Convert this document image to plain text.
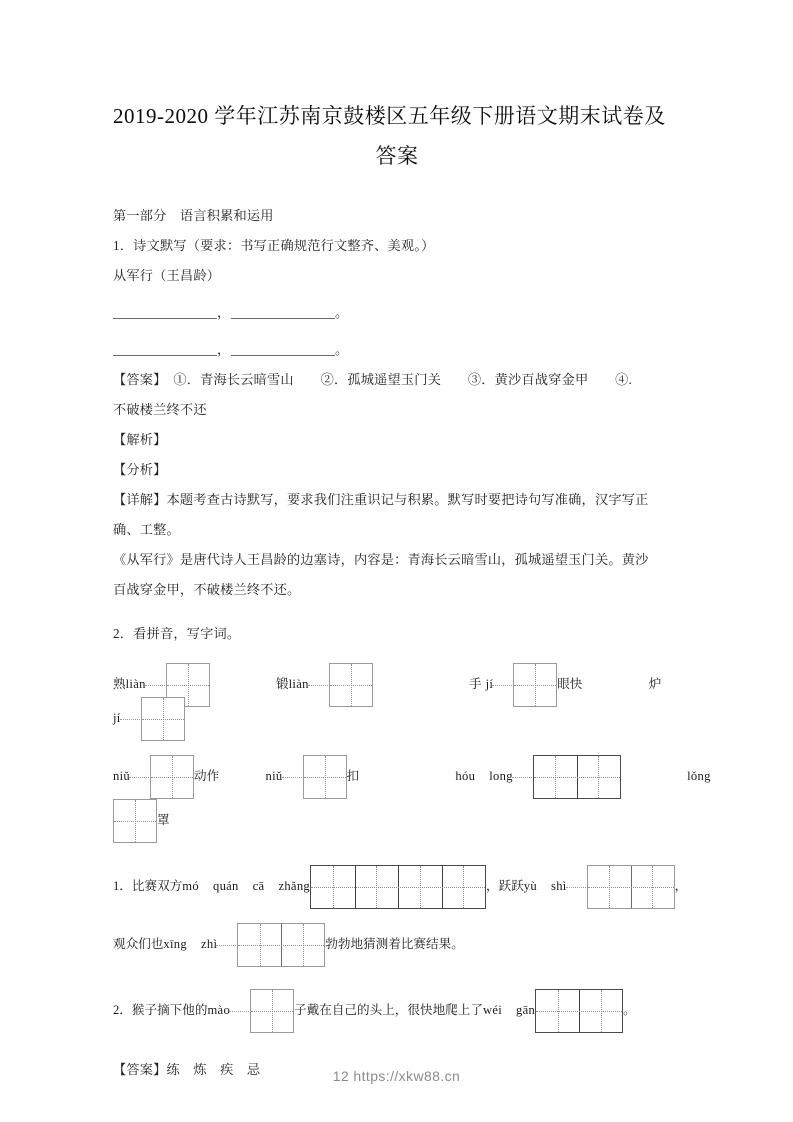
2019-2020 学年江苏南京鼓楼区五年级下册语文期末试卷及
答案

第一部分　语言积累和运用

1．诗文默写（要求：书写正确规范行文整齐、美观。）

从军行（王昌龄）

，	。
，	。

【答案】　①．青海长云暗雪山　　②．孤城遥望玉门关　　③．黄沙百战穿金甲　　④.

不破楼兰终不还

【解析】

【分析】

【详解】本题考查古诗默写，要求我们注重识记与积累。默写时要把诗句写准确，汉字写正

确、工整。

《从军行》是唐代诗人王昌龄的边塞诗，内容是：青海长云暗雪山，孤城遥望玉门关。黄沙

百战穿金甲，不破楼兰终不还。

2．看拼音，写字词。

熟liàn	锻liàn	手 jí	眼快	炉
jí
niǔ	动作	niǔ	扣	hóu long	lǒng
罩
1．比赛双方mó quán cā zhǎng	，跃跃yù shì	，
观众们也xīng zhì	勃勃地猜测着比赛结果。
2．猴子摘下他的mào	子戴在自己的头上，很快地爬上了wéi gān	。

【答案】练　炼　疾　忌	12 https://xkw88.cn
